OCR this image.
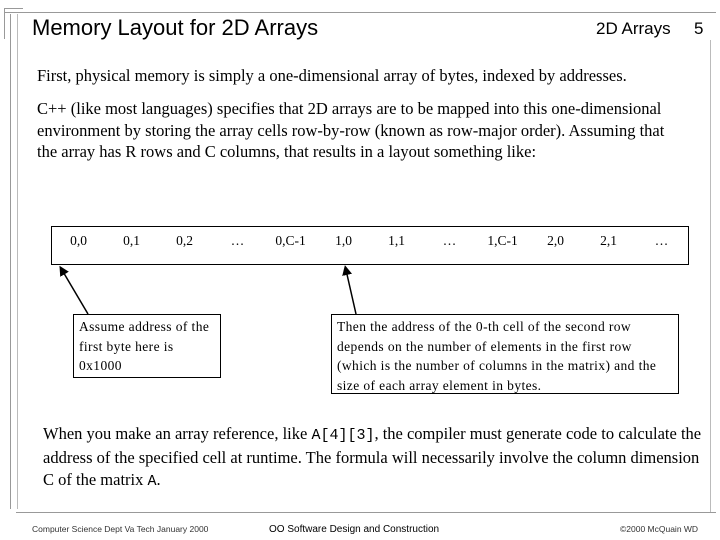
Memory Layout for 2D Arrays	2D Arrays 5
First, physical memory is simply a one-dimensional array of bytes, indexed by addresses.
C++ (like most languages) specifies that 2D arrays are to be mapped into this one-dimensional environment by storing the array cells row-by-row (known as row-major order). Assuming that the array has R rows and C columns, that results in a layout something like:
0,0	0,1	0,2	…	0,C-1	1,0	1,1	…	1,C-1	2,0	2,1	…
Assume address of the first byte here is 0x1000
Then the address of the 0-th cell of the second row depends on the number of elements in the first row (which is the number of columns in the matrix) and the size of each array element in bytes.
When you make an array reference, like A[4][3], the compiler must generate code to calculate the address of the specified cell at runtime. The formula will necessarily involve the column dimension C of the matrix A.
Computer Science Dept Va Tech January 2000	OO Software Design and Construction	©2000 McQuain WD
